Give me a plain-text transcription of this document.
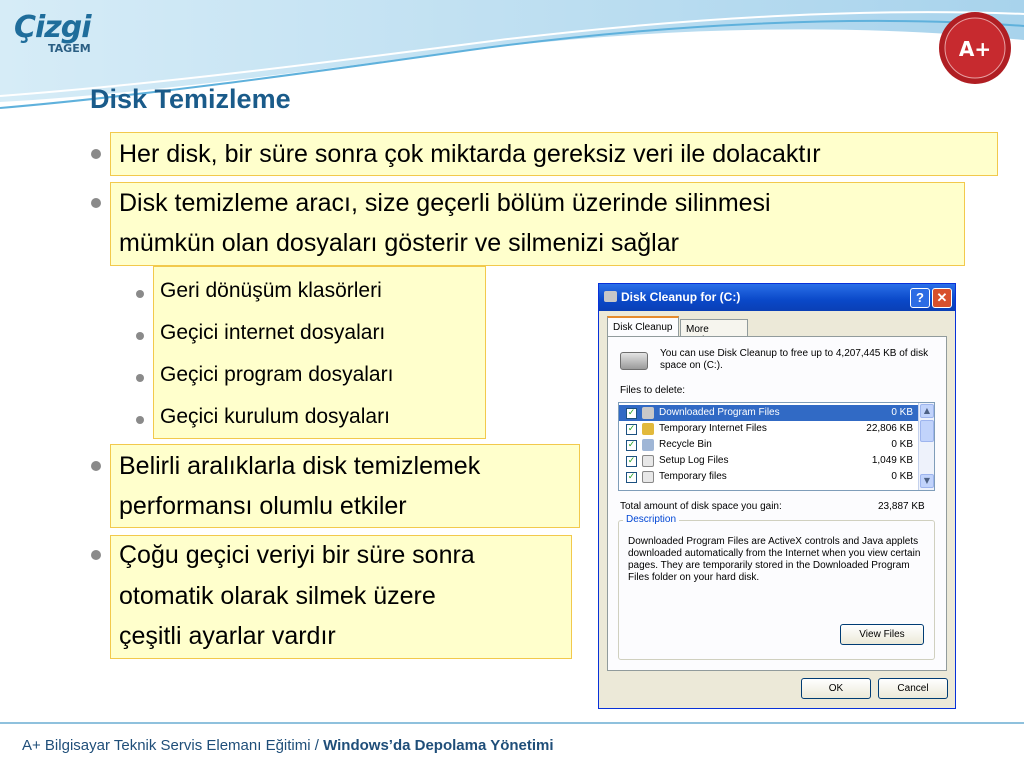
Çizgi
TAGEM	A+
Disk Temizleme
Her disk, bir süre sonra çok miktarda gereksiz veri ile dolacaktır
Disk temizleme aracı, size geçerli bölüm üzerinde silinmesi
mümkün olan dosyaları gösterir ve silmenizi sağlar
Geri dönüşüm klasörleri
Geçici internet dosyaları
Geçici program dosyaları
Geçici kurulum dosyaları
Belirli aralıklarla disk temizlemek
performansı olumlu etkiler
Çoğu geçici veriyi bir süre sonra
otomatik olarak silmek üzere
çeşitli ayarlar vardır
Disk Cleanup for (C:)	? ✕
Disk Cleanup	More
You can use Disk Cleanup to free up to 4,207,445 KB of disk
space on (C:).
Files to delete:
✓ Downloaded Program Files	0 KB
✓ Temporary Internet Files	22,806 KB
✓ Recycle Bin	0 KB
✓ Setup Log Files	1,049 KB
✓ Temporary files	0 KB
▲
▼
Total amount of disk space you gain:	23,887 KB
Description
Downloaded Program Files are ActiveX controls and Java applets
downloaded automatically from the Internet when you view certain
pages. They are temporarily stored in the Downloaded Program
Files folder on your hard disk.
View Files
OK	Cancel
A+ Bilgisayar Teknik Servis Elemanı Eğitimi / Windows’da Depolama Yönetimi
